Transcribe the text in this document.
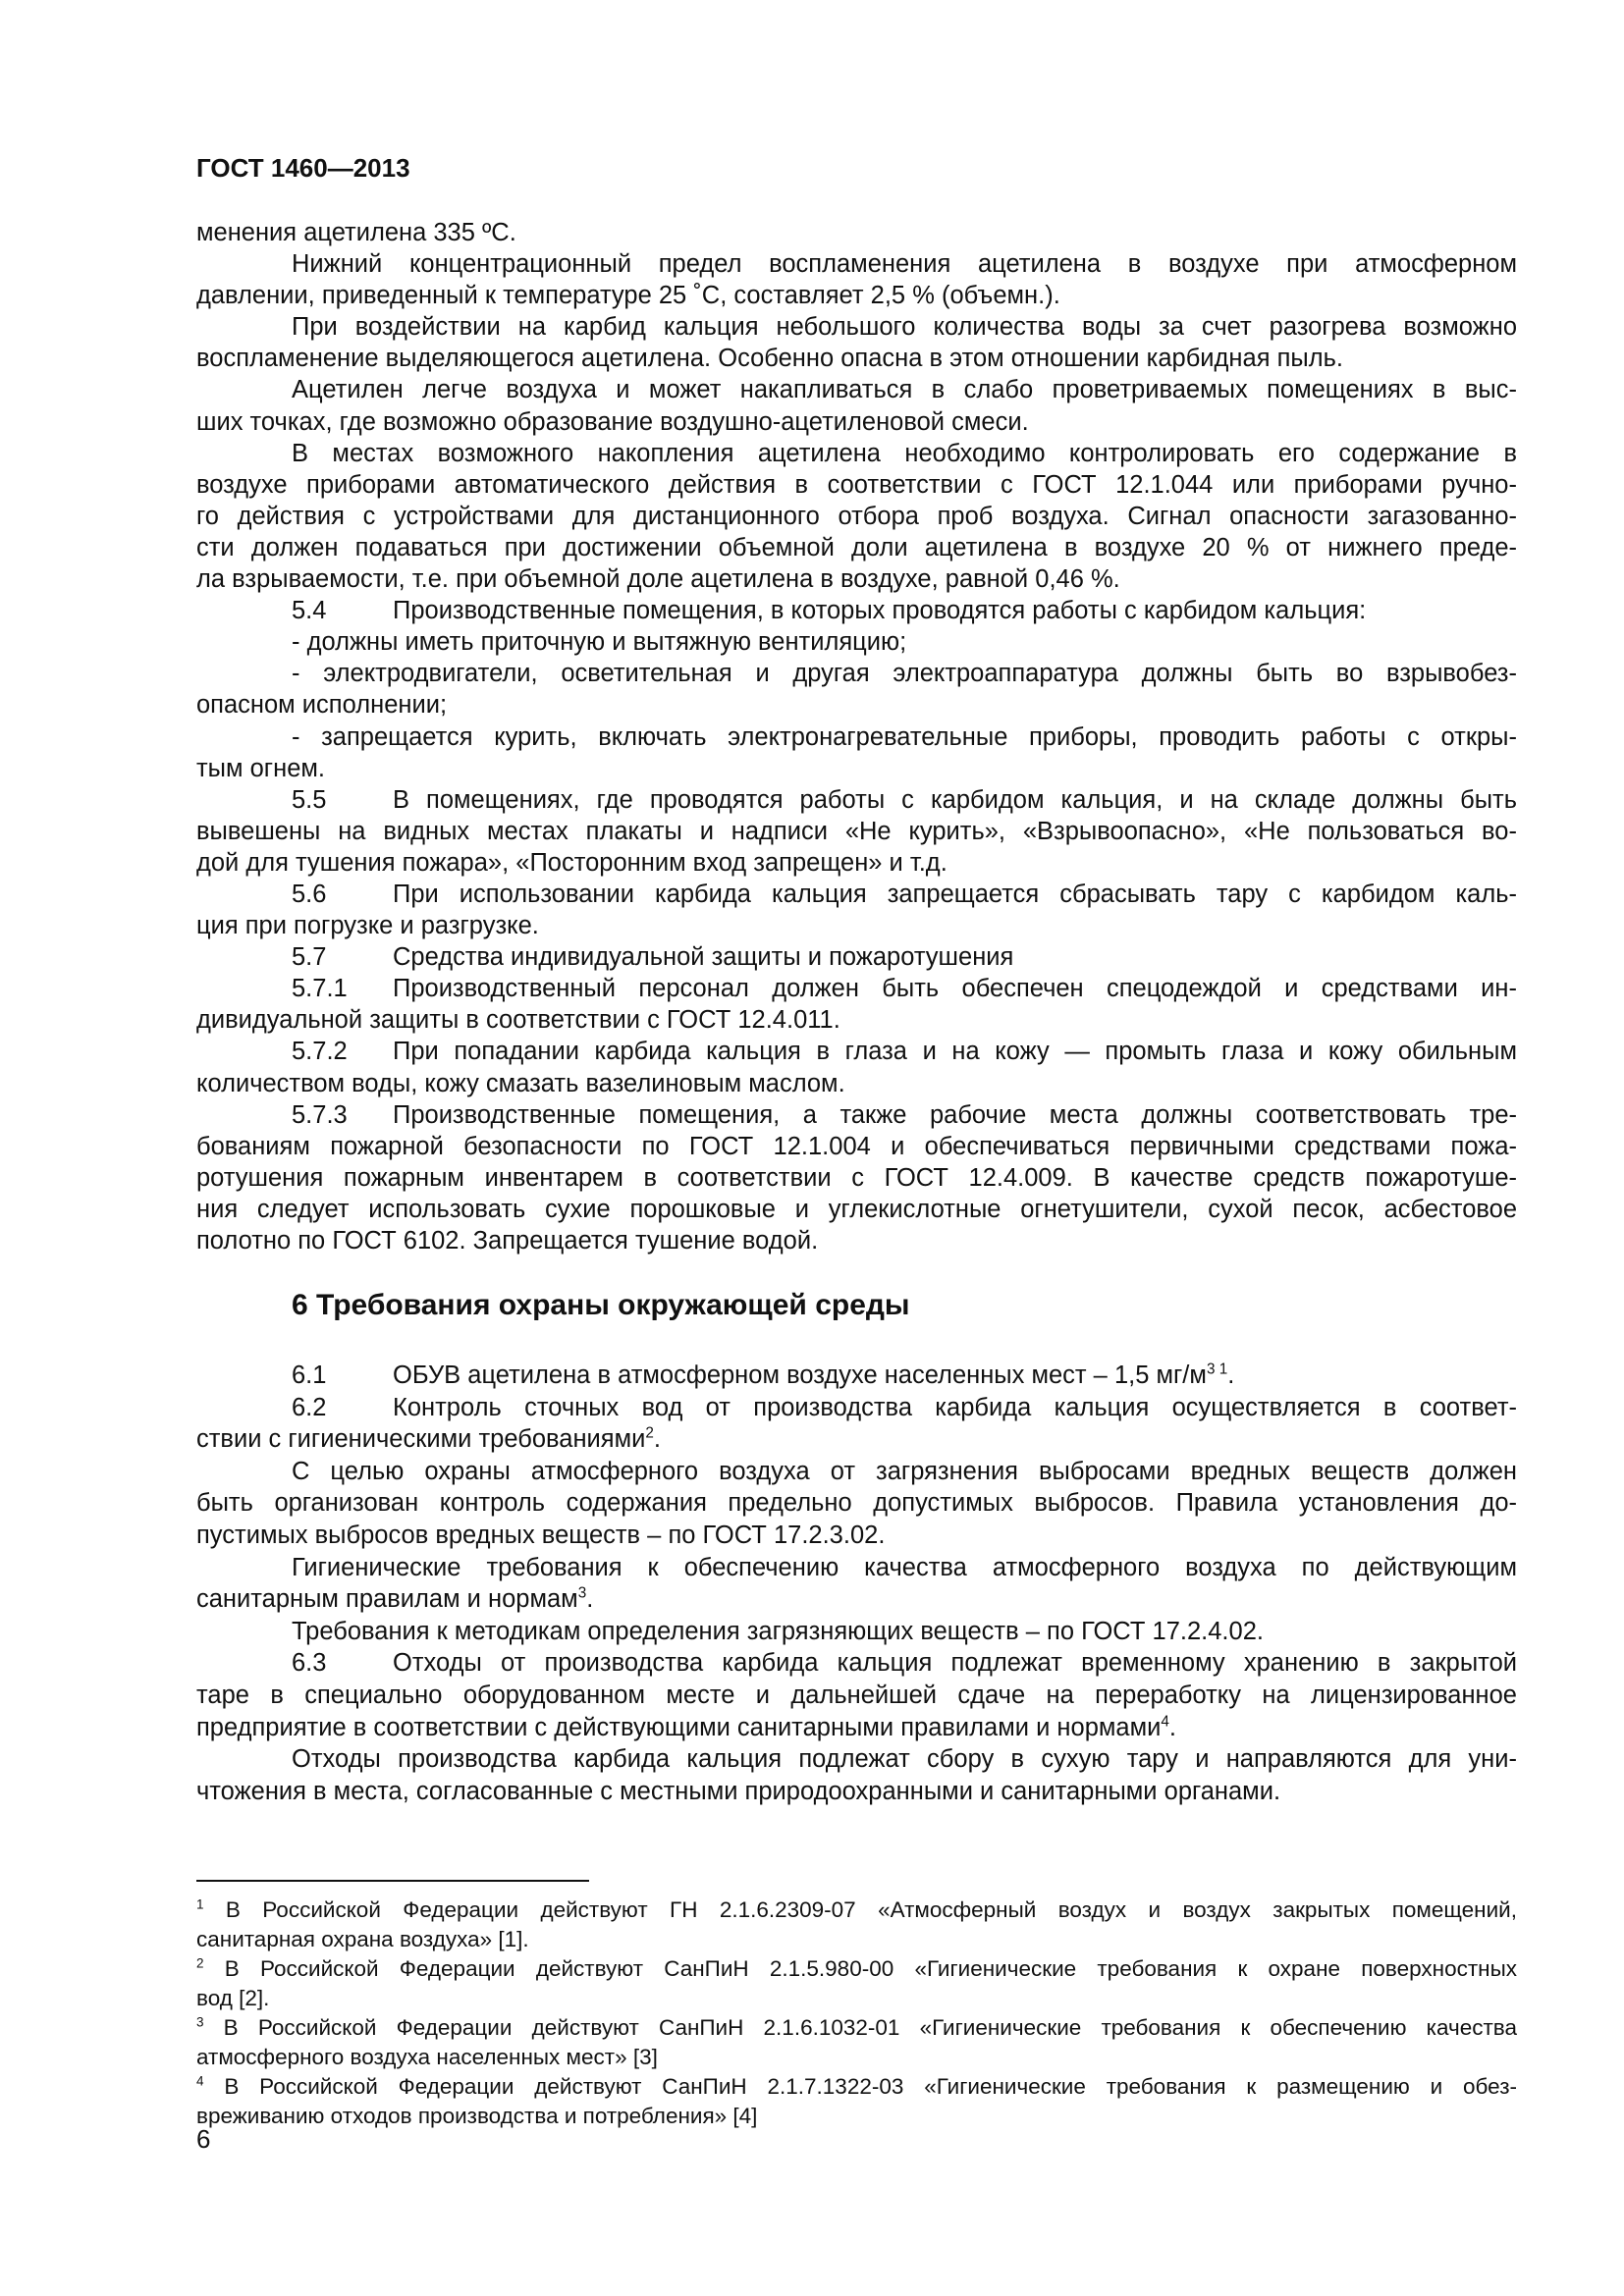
ГОСТ 1460—2013
менения ацетилена 335 ºC.
Нижний концентрационный предел воспламенения ацетилена в воздухе при атмосферном
давлении, приведенный к температуре 25 ˚С, составляет 2,5 % (объемн.).
При воздействии на карбид кальция небольшого количества воды за счет разогрева возможно
воспламенение выделяющегося ацетилена. Особенно опасна в этом отношении карбидная пыль.
Ацетилен легче воздуха и может накапливаться в слабо проветриваемых помещениях в выс-
ших точках, где возможно образование воздушно-ацетиленовой смеси.
В местах возможного накопления ацетилена необходимо контролировать его содержание в
воздухе приборами автоматического действия в соответствии с ГОСТ 12.1.044 или приборами ручно-
го действия с устройствами для дистанционного отбора проб воздуха. Сигнал опасности загазованно-
сти должен подаваться при достижении объемной доли ацетилена в воздухе 20 % от нижнего преде-
ла взрываемости, т.е. при объемной доле ацетилена в воздухе, равной 0,46 %.
5.4	Производственные помещения, в которых проводятся работы с карбидом кальция:
- должны иметь приточную и вытяжную вентиляцию;
- электродвигатели, осветительная и другая электроаппаратура должны быть во взрывобез-
опасном исполнении;
- запрещается курить, включать электронагревательные приборы, проводить работы с откры-
тым огнем.
5.5	В помещениях, где проводятся работы с карбидом кальция, и на складе должны быть
вывешены на видных местах плакаты и надписи «Не курить», «Взрывоопасно», «Не пользоваться во-
дой для тушения пожара», «Посторонним вход запрещен» и т.д.
5.6	При использовании карбида кальция запрещается сбрасывать тару с карбидом каль-
ция при погрузке и разгрузке.
5.7	Средства индивидуальной защиты и пожаротушения
5.7.1 Производственный персонал должен быть обеспечен спецодеждой и средствами ин-
дивидуальной защиты в соответствии с ГОСТ 12.4.011.
5.7.2 При попадании карбида кальция в глаза и на кожу — промыть глаза и кожу обильным
количеством воды, кожу смазать вазелиновым маслом.
5.7.3 Производственные помещения, а также рабочие места должны соответствовать тре-
бованиям пожарной безопасности по ГОСТ 12.1.004 и обеспечиваться первичными средствами пожа-
ротушения пожарным инвентарем в соответствии с ГОСТ 12.4.009. В качестве средств пожаротуше-
ния следует использовать сухие порошковые и углекислотные огнетушители, сухой песок, асбестовое
полотно по ГОСТ 6102. Запрещается тушение водой.
6 Требования охраны окружающей среды
6.1	ОБУВ ацетилена в атмосферном воздухе населенных мест – 1,5 $мг/м^{3 1}$.
6.2	Контроль сточных вод от производства карбида кальция осуществляется в соответ-
ствии с гигиеническими требованиями$^2$.
С целью охраны атмосферного воздуха от загрязнения выбросами вредных веществ должен
быть организован контроль содержания предельно допустимых выбросов. Правила установления до-
пустимых выбросов вредных веществ – по ГОСТ 17.2.3.02.
Гигиенические требования к обеспечению качества атмосферного воздуха по действующим
санитарным правилам и нормам$^3$.
Требования к методикам определения загрязняющих веществ – по ГОСТ 17.2.4.02.
6.3	Отходы от производства карбида кальция подлежат временному хранению в закрытой
таре в специально оборудованном месте и дальнейшей сдаче на переработку на лицензированное
предприятие в соответствии с действующими санитарными правилами и нормами$^4$.
Отходы производства карбида кальция подлежат сбору в сухую тару и направляются для уни-
чтожения в места, согласованные с местными природоохранными и санитарными органами.
$^1$ В Российской Федерации действуют ГН 2.1.6.2309-07 «Атмосферный воздух и воздух закрытых помещений,
санитарная охрана воздуха» [1].
$^2$ В Российской Федерации действуют СанПиН 2.1.5.980-00 «Гигиенические требования к охране поверхностных
вод [2].
$^3$ В Российской Федерации действуют СанПиН 2.1.6.1032-01 «Гигиенические требования к обеспечению качества
атмосферного воздуха населенных мест» [3]
$^4$ В Российской Федерации действуют СанПиН 2.1.7.1322-03 «Гигиенические требования к размещению и обез-
вреживанию отходов производства и потребления» [4]
6
